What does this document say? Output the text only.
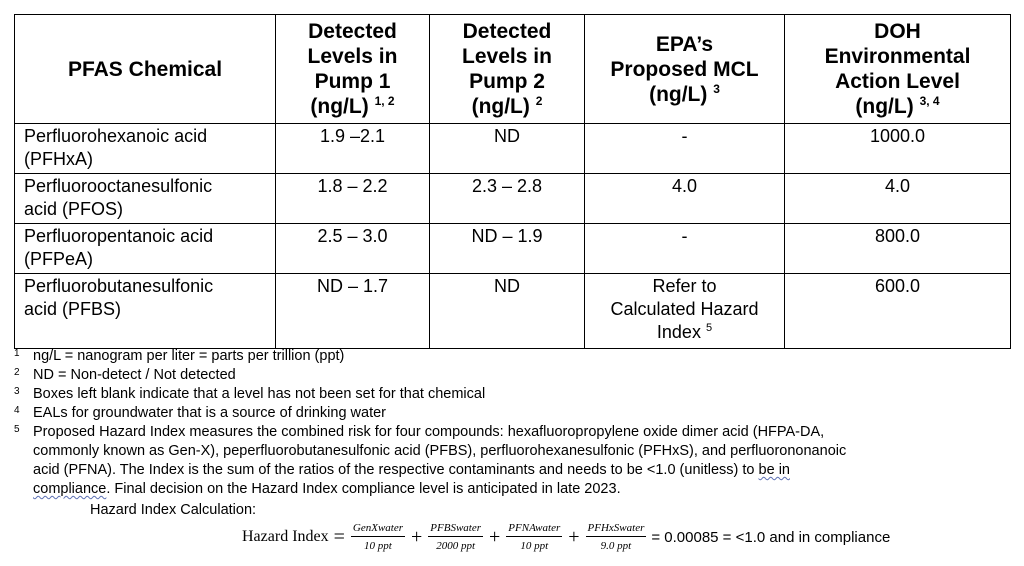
PFAS Chemical	Detected
Levels in
Pump 1
(ng/L) $^{1, 2}$	Detected
Levels in
Pump 2
(ng/L) $^2$	EPA’s
Proposed MCL
(ng/L) $^3$	DOH
Environmental
Action Level
(ng/L) $^{3, 4}$

Perfluorohexanoic acid
(PFHxA)	1.9 –2.1	ND	-	1000.0
Perfluorooctanesulfonic
acid (PFOS)	1.8 – 2.2	2.3 – 2.8	4.0	4.0
Perfluoropentanoic acid
(PFPeA)	2.5 – 3.0	ND – 1.9	-	800.0
Perfluorobutanesulfonic
acid (PFBS)	ND – 1.7	ND	Refer to
Calculated Hazard
Index $^5$	600.0
1 ng/L = nanogram per liter = parts per trillion (ppt)
2 ND = Non-detect / Not detected
3 Boxes left blank indicate that a level has not been set for that chemical
4 EALs for groundwater that is a source of drinking water
5 Proposed Hazard Index measures the combined risk for four compounds: hexafluoropropylene oxide dimer acid (HFPA-DA,
commonly known as Gen-X), peperfluorobutanesulfonic acid (PFBS), perfluorohexanesulfonic (PFHxS), and perfluorononanoic
acid (PFNA). The Index is the sum of the ratios of the respective contaminants and needs to be <1.0 (unitless) to be in
compliance. Final decision on the Hazard Index compliance level is anticipated in late 2023.
Hazard Index Calculation:
Hazard Index = $\frac{\text{GenXwater}}{\text{10 ppt}} + \frac{\text{PFBSwater}}{\text{2000 ppt}} + \frac{\text{PFNAwater}}{\text{10 ppt}} + \frac{\text{PFHxSwater}}{\text{9.0 ppt}} = 0.00085 = <1.0$ and in compliance
